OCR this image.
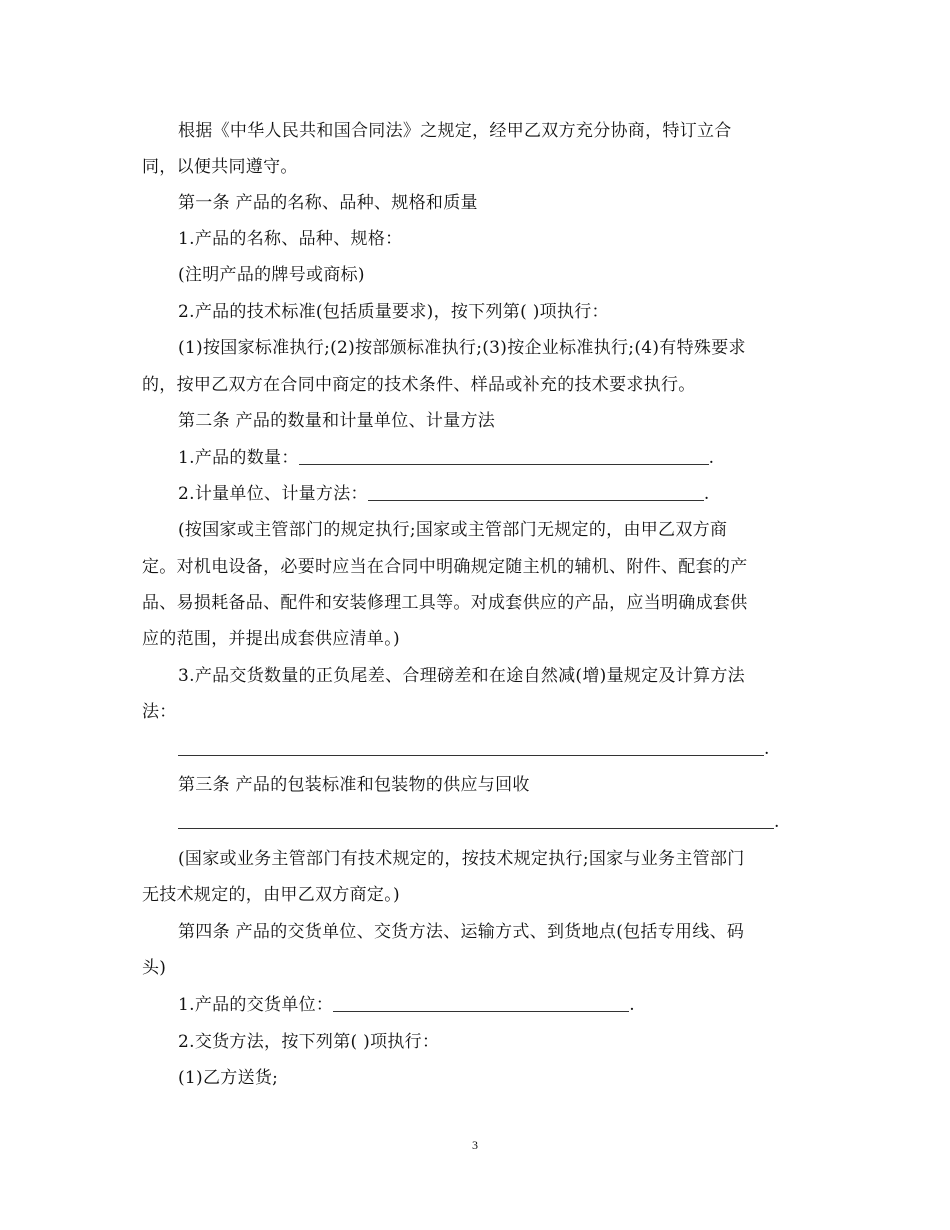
根据《中华人民共和国合同法》之规定，经甲乙双方充分协商，特订立合
同，以便共同遵守。
第一条 产品的名称、品种、规格和质量
1.产品的名称、品种、规格：
(注明产品的牌号或商标)
2.产品的技术标准(包括质量要求)，按下列第( )项执行：
(1)按国家标准执行;(2)按部颁标准执行;(3)按企业标准执行;(4)有特殊要求
的，按甲乙双方在合同中商定的技术条件、样品或补充的技术要求执行。
第二条 产品的数量和计量单位、计量方法
1.产品的数量：	.
2.计量单位、计量方法：	.
(按国家或主管部门的规定执行;国家或主管部门无规定的，由甲乙双方商
定。对机电设备，必要时应当在合同中明确规定随主机的辅机、附件、配套的产
品、易损耗备品、配件和安装修理工具等。对成套供应的产品，应当明确成套供
应的范围，并提出成套供应清单。)
3.产品交货数量的正负尾差、合理磅差和在途自然减(增)量规定及计算方法
法：
.
第三条 产品的包装标准和包装物的供应与回收
.
(国家或业务主管部门有技术规定的，按技术规定执行;国家与业务主管部门
无技术规定的，由甲乙双方商定。)
第四条 产品的交货单位、交货方法、运输方式、到货地点(包括专用线、码
头)
1.产品的交货单位：	.
2.交货方法，按下列第( )项执行：
(1)乙方送货;
3
